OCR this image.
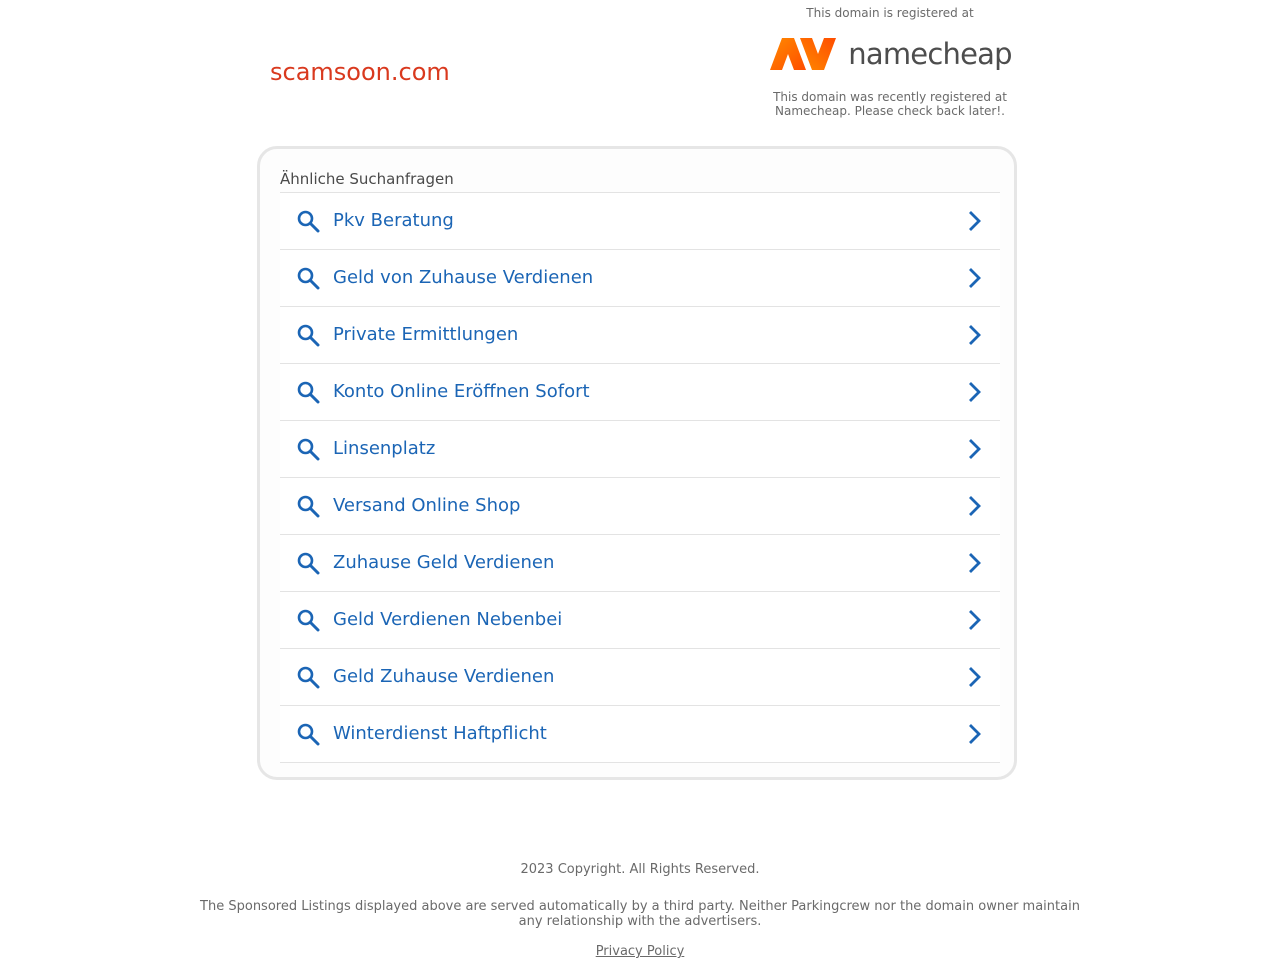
scamsoon.com
This domain is registered at
namecheap
This domain was recently registered at
Namecheap. Please check back later!.
Ähnliche Suchanfragen
Pkv Beratung
Geld von Zuhause Verdienen
Private Ermittlungen
Konto Online Eröffnen Sofort
Linsenplatz
Versand Online Shop
Zuhause Geld Verdienen
Geld Verdienen Nebenbei
Geld Zuhause Verdienen
Winterdienst Haftpflicht
2023 Copyright. All Rights Reserved.
The Sponsored Listings displayed above are served automatically by a third party. Neither Parkingcrew nor the domain owner maintain any relationship with the advertisers.
Privacy Policy
